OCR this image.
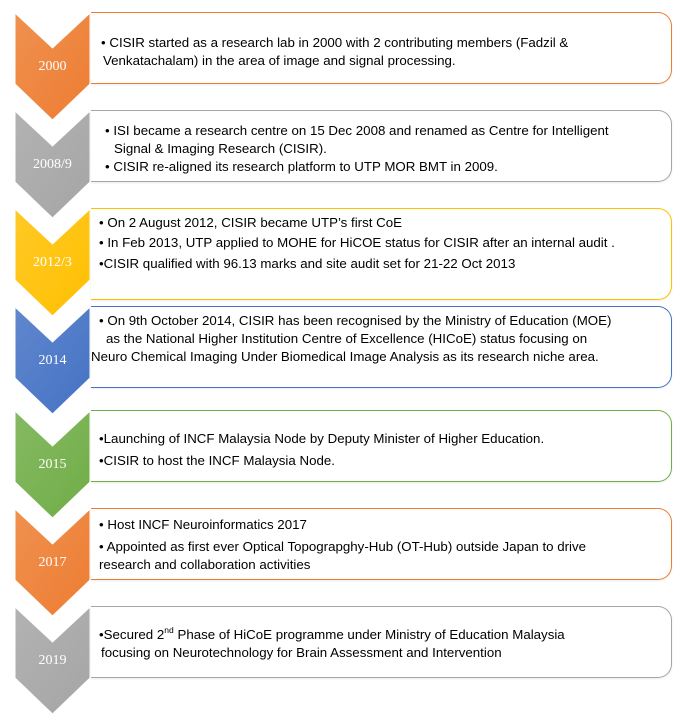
2000
• CISIR started as a research lab in 2000 with 2 contributing members (Fadzil &
Venkatachalam) in the area of image and signal processing.
2008/9
• ISI became a research centre on 15 Dec 2008 and renamed as Centre for Intelligent
Signal & Imaging Research (CISIR).
• CISIR re-aligned its research platform to UTP MOR BMT in 2009.
2012/3
• On 2 August 2012, CISIR became UTP’s first CoE
• In Feb 2013, UTP applied to MOHE for HiCOE status for CISIR after an internal audit .
•CISIR qualified with 96.13 marks and site audit set for 21-22 Oct 2013
2014
• On 9th October 2014, CISIR has been recognised by the Ministry of Education (MOE)
as the National Higher Institution Centre of Excellence (HICoE) status focusing on
Neuro Chemical Imaging Under Biomedical Image Analysis as its research niche area.
2015
•Launching of INCF Malaysia Node by Deputy Minister of Higher Education.
•CISIR to host the INCF Malaysia Node.
2017
• Host INCF Neuroinformatics 2017
• Appointed as first ever Optical Topograpghy-Hub (OT-Hub) outside Japan to drive
research and collaboration activities
2019
•Secured 2nd Phase of HiCoE programme under Ministry of Education Malaysia
focusing on Neurotechnology for Brain Assessment and Intervention
